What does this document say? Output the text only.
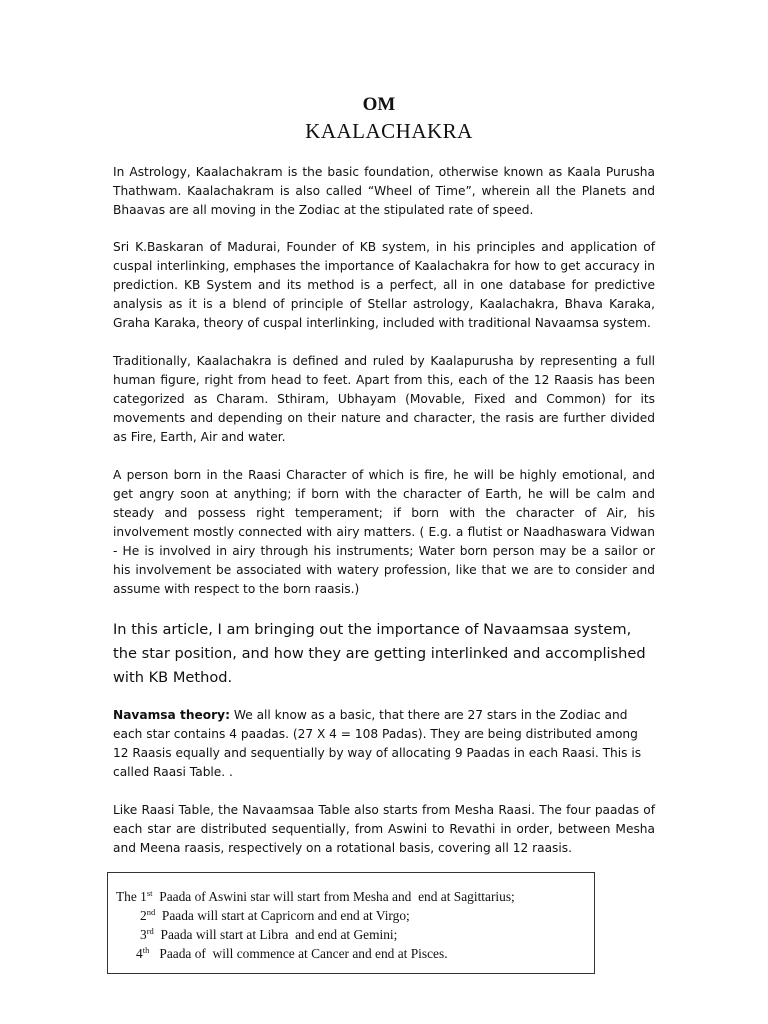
OM
KAALACHAKRA

In Astrology, Kaalachakram is the basic foundation, otherwise known as Kaala Purusha Thathwam. Kaalachakram is also called “Wheel of Time”, wherein all the Planets and Bhaavas are all moving in the Zodiac at the stipulated rate of speed.

Sri K.Baskaran of Madurai, Founder of KB system, in his principles and application of cuspal interlinking, emphases the importance of Kaalachakra for how to get accuracy in prediction. KB System and its method is a perfect, all in one database for predictive analysis as it is a blend of principle of Stellar astrology, Kaalachakra, Bhava Karaka, Graha Karaka, theory of cuspal interlinking, included with traditional Navaamsa system.

Traditionally, Kaalachakra is defined and ruled by Kaalapurusha by representing a full human figure, right from head to feet. Apart from this, each of the 12 Raasis has been categorized as Charam. Sthiram, Ubhayam (Movable, Fixed and Common) for its movements and depending on their nature and character, the rasis are further divided as Fire, Earth, Air and water.

A person born in the Raasi Character of which is fire, he will be highly emotional, and get angry soon at anything; if born with the character of Earth, he will be calm and steady and possess right temperament; if born with the character of Air, his involvement mostly connected with airy matters. ( E.g. a flutist or Naadhaswara Vidwan - He is involved in airy through his instruments; Water born person may be a sailor or his involvement be associated with watery profession, like that we are to consider and assume with respect to the born raasis.)

In this article, I am bringing out the importance of Navaamsaa system, the star position, and how they are getting interlinked and accomplished with KB Method.

Navamsa theory: We all know as a basic, that there are 27 stars in the Zodiac and each star contains 4 paadas. (27 X 4 = 108 Padas). They are being distributed among 12 Raasis equally and sequentially by way of allocating 9 Paadas in each Raasi. This is called Raasi Table. .

Like Raasi Table, the Navaamsaa Table also starts from Mesha Raasi. The four paadas of each star are distributed sequentially, from Aswini to Revathi in order, between Mesha and Meena raasis, respectively on a rotational basis, covering all 12 raasis.

The 1st  Paada of Aswini star will start from Mesha and  end at Sagittarius;
2nd  Paada will start at Capricorn and end at Virgo;
3rd  Paada will start at Libra  and end at Gemini;
4th   Paada of  will commence at Cancer and end at Pisces.
